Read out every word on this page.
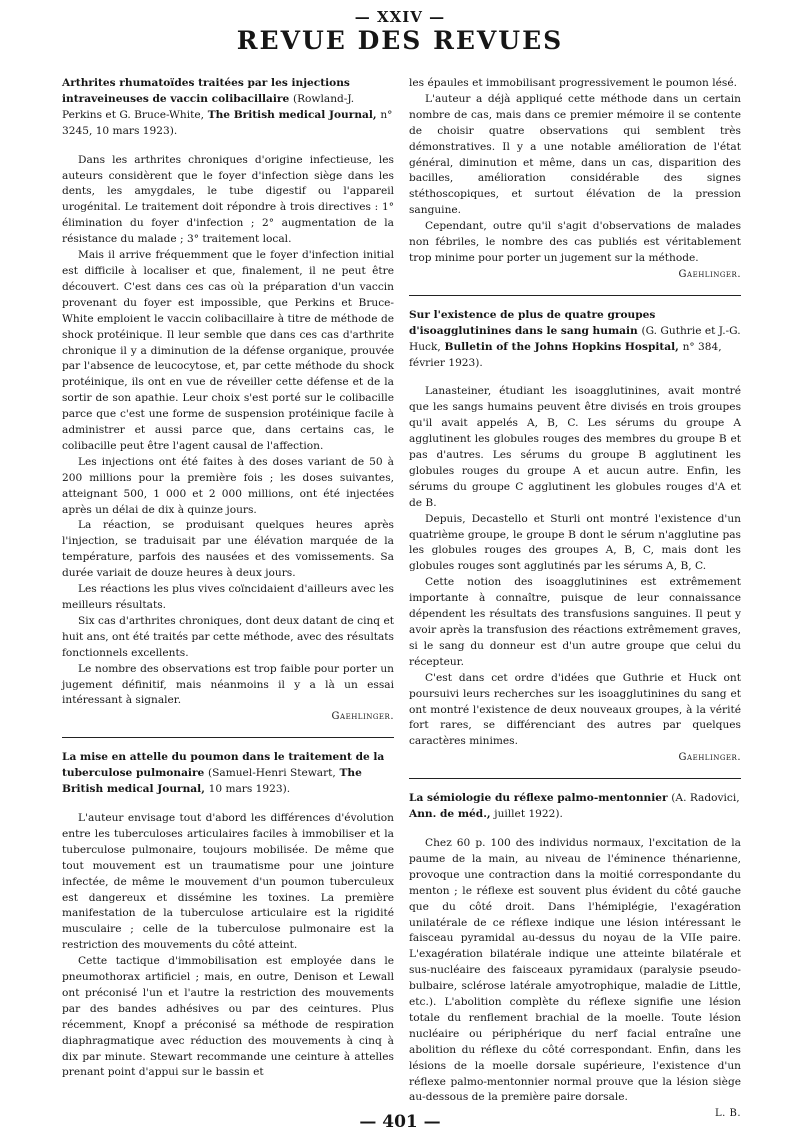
— XXIV —
REVUE DES REVUES
Arthrites rhumatoïdes traitées par les injections intraveineuses de vaccin colibacillaire (Rowland-J. Perkins et G. Bruce-White, The British medical Journal, n° 3245, 10 mars 1923).

Dans les arthrites chroniques d'origine infectieuse, les auteurs considèrent que le foyer d'infection siège dans les dents, les amygdales, le tube digestif ou l'appareil urogénital. Le traitement doit répondre à trois directives : 1° élimination du foyer d'infection ; 2° augmentation de la résistance du malade ; 3° traitement local.

Mais il arrive fréquemment que le foyer d'infection initial est difficile à localiser et que, finalement, il ne peut être découvert. C'est dans ces cas où la préparation d'un vaccin provenant du foyer est impossible, que Perkins et Bruce-White emploient le vaccin colibacillaire à titre de méthode de shock protéinique. Il leur semble que dans ces cas d'arthrite chronique il y a diminution de la défense organique, prouvée par l'absence de leucocytose, et, par cette méthode du shock protéinique, ils ont en vue de réveiller cette défense et de la sortir de son apathie. Leur choix s'est porté sur le colibacille parce que c'est une forme de suspension protéinique facile à administrer et aussi parce que, dans certains cas, le colibacille peut être l'agent causal de l'affection.

Les injections ont été faites à des doses variant de 50 à 200 millions pour la première fois ; les doses suivantes, atteignant 500, 1 000 et 2 000 millions, ont été injectées après un délai de dix à quinze jours.

La réaction, se produisant quelques heures après l'injection, se traduisait par une élévation marquée de la température, parfois des nausées et des vomissements. Sa durée variait de douze heures à deux jours.

Les réactions les plus vives coïncidaient d'ailleurs avec les meilleurs résultats.

Six cas d'arthrites chroniques, dont deux datant de cinq et huit ans, ont été traités par cette méthode, avec des résultats fonctionnels excellents.

Le nombre des observations est trop faible pour porter un jugement définitif, mais néanmoins il y a là un essai intéressant à signaler.

Gaehlinger.
La mise en attelle du poumon dans le traitement de la tuberculose pulmonaire (Samuel-Henri Stewart, The British medical Journal, 10 mars 1923).

L'auteur envisage tout d'abord les différences d'évolution entre les tuberculoses articulaires faciles à immobiliser et la tuberculose pulmonaire, toujours mobilisée. De même que tout mouvement est un traumatisme pour une jointure infectée, de même le mouvement d'un poumon tuberculeux est dangereux et dissémine les toxines. La première manifestation de la tuberculose articulaire est la rigidité musculaire ; celle de la tuberculose pulmonaire est la restriction des mouvements du côté atteint.

Cette tactique d'immobilisation est employée dans le pneumothorax artificiel ; mais, en outre, Denison et Lewall ont préconisé l'un et l'autre la restriction des mouvements par des bandes adhésives ou par des ceintures. Plus récemment, Knopf a préconisé sa méthode de respiration diaphragmatique avec réduction des mouvements à cinq à dix par minute. Stewart recommande une ceinture à attelles prenant point d'appui sur le bassin et

les épaules et immobilisant progressivement le poumon lésé.

L'auteur a déjà appliqué cette méthode dans un certain nombre de cas, mais dans ce premier mémoire il se contente de choisir quatre observations qui semblent très démonstratives. Il y a une notable amélioration de l'état général, diminution et même, dans un cas, disparition des bacilles, amélioration considérable des signes stéthoscopiques, et surtout élévation de la pression sanguine.

Cependant, outre qu'il s'agit d'observations de malades non fébriles, le nombre des cas publiés est véritablement trop minime pour porter un jugement sur la méthode.

Gaehlinger.
Sur l'existence de plus de quatre groupes d'isoagglutinines dans le sang humain (G. Guthrie et J.-G. Huck, Bulletin of the Johns Hopkins Hospital, n° 384, février 1923).

Lanasteiner, étudiant les isoagglutinines, avait montré que les sangs humains peuvent être divisés en trois groupes qu'il avait appelés A, B, C. Les sérums du groupe A agglutinent les globules rouges des membres du groupe B et pas d'autres. Les sérums du groupe B agglutinent les globules rouges du groupe A et aucun autre. Enfin, les sérums du groupe C agglutinent les globules rouges d'A et de B.

Depuis, Decastello et Sturli ont montré l'existence d'un quatrième groupe, le groupe B dont le sérum n'agglutine pas les globules rouges des groupes A, B, C, mais dont les globules rouges sont agglutinés par les sérums A, B, C.

Cette notion des isoagglutinines est extrêmement importante à connaître, puisque de leur connaissance dépendent les résultats des transfusions sanguines. Il peut y avoir après la transfusion des réactions extrêmement graves, si le sang du donneur est d'un autre groupe que celui du récepteur.

C'est dans cet ordre d'idées que Guthrie et Huck ont poursuivi leurs recherches sur les isoagglutinines du sang et ont montré l'existence de deux nouveaux groupes, à la vérité fort rares, se différenciant des autres par quelques caractères minimes.

Gaehlinger.
La sémiologie du réflexe palmo-mentonnier (A. Radovici, Ann. de méd., juillet 1922).

Chez 60 p. 100 des individus normaux, l'excitation de la paume de la main, au niveau de l'éminence thénarienne, provoque une contraction dans la moitié correspondante du menton ; le réflexe est souvent plus évident du côté gauche que du côté droit. Dans l'hémiplégie, l'exagération unilatérale de ce réflexe indique une lésion intéressant le faisceau pyramidal au-dessus du noyau de la VIIe paire. L'exagération bilatérale indique une atteinte bilatérale et sus-nucléaire des faisceaux pyramidaux (paralysie pseudo-bulbaire, sclérose latérale amyotrophique, maladie de Little, etc.). L'abolition complète du réflexe signifie une lésion totale du renflement brachial de la moelle. Toute lésion nucléaire ou périphérique du nerf facial entraîne une abolition du réflexe du côté correspondant. Enfin, dans les lésions de la moelle dorsale supérieure, l'existence d'un réflexe palmo-mentonnier normal prouve que la lésion siège au-dessous de la première paire dorsale.

L. B.
— 401 —
